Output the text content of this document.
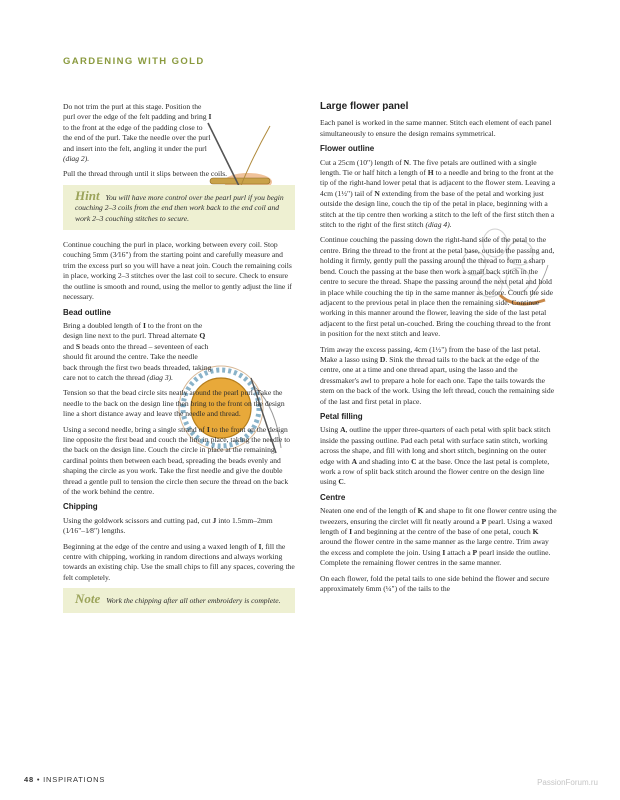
GARDENING WITH GOLD

Do not trim the purl at this stage. Position the purl over the edge of the felt padding and bring I to the front at the edge of the padding close to the end of the purl. Take the needle over the purl and insert into the felt, angling it under the purl (diag 2).

Pull the thread through until it slips between the coils.

Hint You will have more control over the pearl purl if you begin couching 2–3 coils from the end then work back to the end coil and work 2–3 couching stitches to secure.

Continue couching the purl in place, working between every coil. Stop couching 5mm (3⁄16") from the starting point and carefully measure and trim the excess purl so you will have a neat join. Couch the remaining coils in place, working 2–3 stitches over the last coil to secure. Check to ensure the outline is smooth and round, using the mellor to gently adjust the line if necessary.

Bead outline

Bring a doubled length of I to the front on the design line next to the purl. Thread alternate Q and S beads onto the thread – seventeen of each should fit around the centre. Take the needle back through the first two beads threaded, taking care not to catch the thread (diag 3).

Tension so that the bead circle sits neatly around the pearl purl. Take the needle to the back on the design line then bring to the front on the design line a short distance away and leave the needle and thread.

Using a second needle, bring a single strand of I to the front on the design line opposite the first bead and couch the line in place, taking the needle to the back on the design line. Couch the circle in place at the remaining cardinal points then between each bead, spreading the beads evenly and shaping the circle as you work. Take the first needle and give the double thread a gentle pull to tension the circle then secure the thread on the back of the work behind the centre.

Chipping

Using the goldwork scissors and cutting pad, cut J into 1.5mm–2mm (1⁄16"–1⁄8") lengths.

Beginning at the edge of the centre and using a waxed length of I, fill the centre with chipping, working in random directions and always working towards an existing chip. Use the small chips to fill any spaces, covering the felt completely.

Note Work the chipping after all other embroidery is complete.
Large flower panel

Each panel is worked in the same manner. Stitch each element of each panel simultaneously to ensure the design remains symmetrical.

Flower outline

Cut a 25cm (10") length of N. The five petals are outlined with a single length. Tie or half hitch a length of H to a needle and bring to the front at the tip of the right-hand lower petal that is adjacent to the flower stem. Leaving a 4cm (1½") tail of N extending from the base of the petal and working just outside the design line, couch the tip of the petal in place, beginning with a stitch at the tip centre then working a stitch to the left of the first stitch then a stitch to the right of the first stitch (diag 4).

Continue couching the passing down the right-hand side of the petal to the centre. Bring the thread to the front at the petal base, outside the passing and, holding it firmly, gently pull the passing around the thread to form a sharp bend. Couch the passing at the base then work a small back stitch in the centre to secure the thread. Shape the passing around the next petal and hold in place while couching the tip in the same manner as before. Couch the side adjacent to the previous petal in place then the remaining side. Continue working in this manner around the flower, leaving the side of the last petal adjacent to the first petal un-couched. Bring the couching thread to the front in position for the next stitch and leave.

Trim away the excess passing, 4cm (1½") from the base of the last petal. Make a lasso using D. Sink the thread tails to the back at the edge of the centre, one at a time and one thread apart, using the lasso and the dressmaker's awl to prepare a hole for each one. Tape the tails towards the stem on the back of the work. Using the left thread, couch the remaining side of the last and first petal in place.

Petal filling

Using A, outline the upper three-quarters of each petal with split back stitch inside the passing outline. Pad each petal with surface satin stitch, working across the shape, and fill with long and short stitch, beginning on the outer edge with A and shading into C at the base. Once the last petal is complete, work a row of split back stitch around the flower centre on the design line using C.

Centre

Neaten one end of the length of K and shape to fit one flower centre using the tweezers, ensuring the circlet will fit neatly around a P pearl. Using a waxed length of I and beginning at the centre of the base of one petal, couch K around the flower centre in the same manner as the large centre. Trim away the excess and complete the join. Using I attach a P pearl inside the outline. Complete the remaining flower centres in the same manner.

On each flower, fold the petal tails to one side behind the flower and secure approximately 6mm (¼") of the tails to the

48 • INSPIRATIONS	PassionForum.ru
